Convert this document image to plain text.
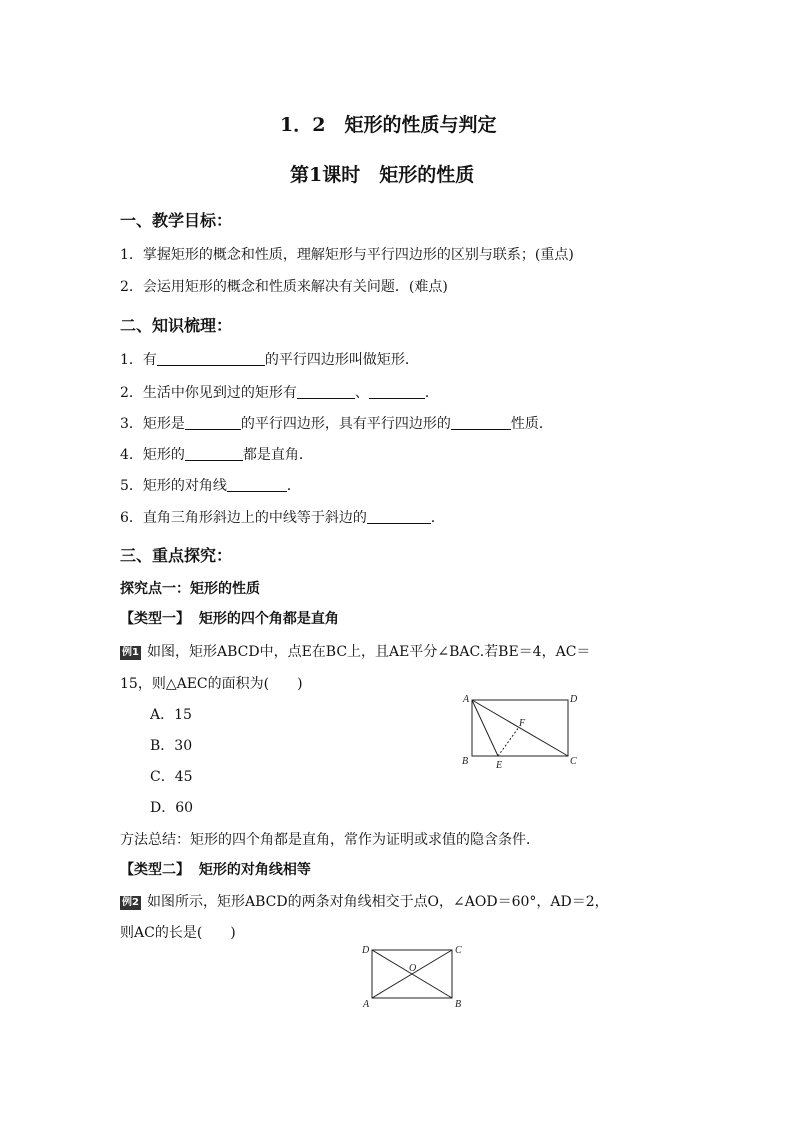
1．2　矩形的性质与判定
第1课时　矩形的性质
一、教学目标：
1．掌握矩形的概念和性质，理解矩形与平行四边形的区别与联系；(重点)
2．会运用矩形的概念和性质来解决有关问题．(难点)
二、知识梳理：
1．有	的平行四边形叫做矩形．
2．生活中你见到过的矩形有	、	．
3．矩形是	的平行四边形，具有平行四边形的	性质．
4．矩形的	都是直角．
5．矩形的对角线	．
6．直角三角形斜边上的中线等于斜边的	．
三、重点探究：
探究点一：矩形的性质
【类型一】 矩形的四个角都是直角
例1 如图，矩形ABCD中，点E在BC上，且AE平分∠BAC.若BE＝4，AC＝
15，则△AEC的面积为(　　)
A．15
B．30
C．45
D．60
A	D
B	C
E
F
方法总结：矩形的四个角都是直角，常作为证明或求值的隐含条件．
【类型二】 矩形的对角线相等
例2 如图所示，矩形ABCD的两条对角线相交于点O，∠AOD＝60°，AD＝2，
则AC的长是(　　)
D	C
A	B
O
